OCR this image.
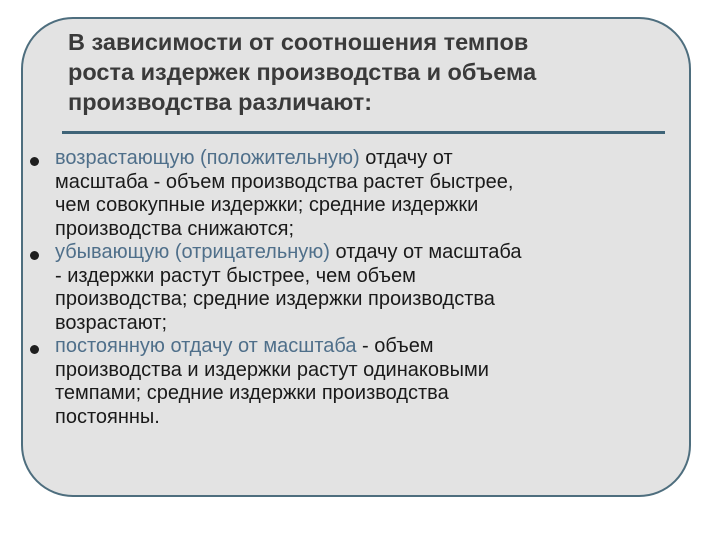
В зависимости от соотношения темпов
роста издержек производства и объема
производства различают:
возрастающую (положительную) отдачу от
масштаба - объем производства растет быстрее,
чем совокупные издержки; средние издержки
производства снижаются;
убывающую (отрицательную) отдачу от масштаба
- издержки растут быстрее, чем объем
производства; средние издержки производства
возрастают;
постоянную отдачу от масштаба - объем
производства и издержки растут одинаковыми
темпами; средние издержки производства
постоянны.
